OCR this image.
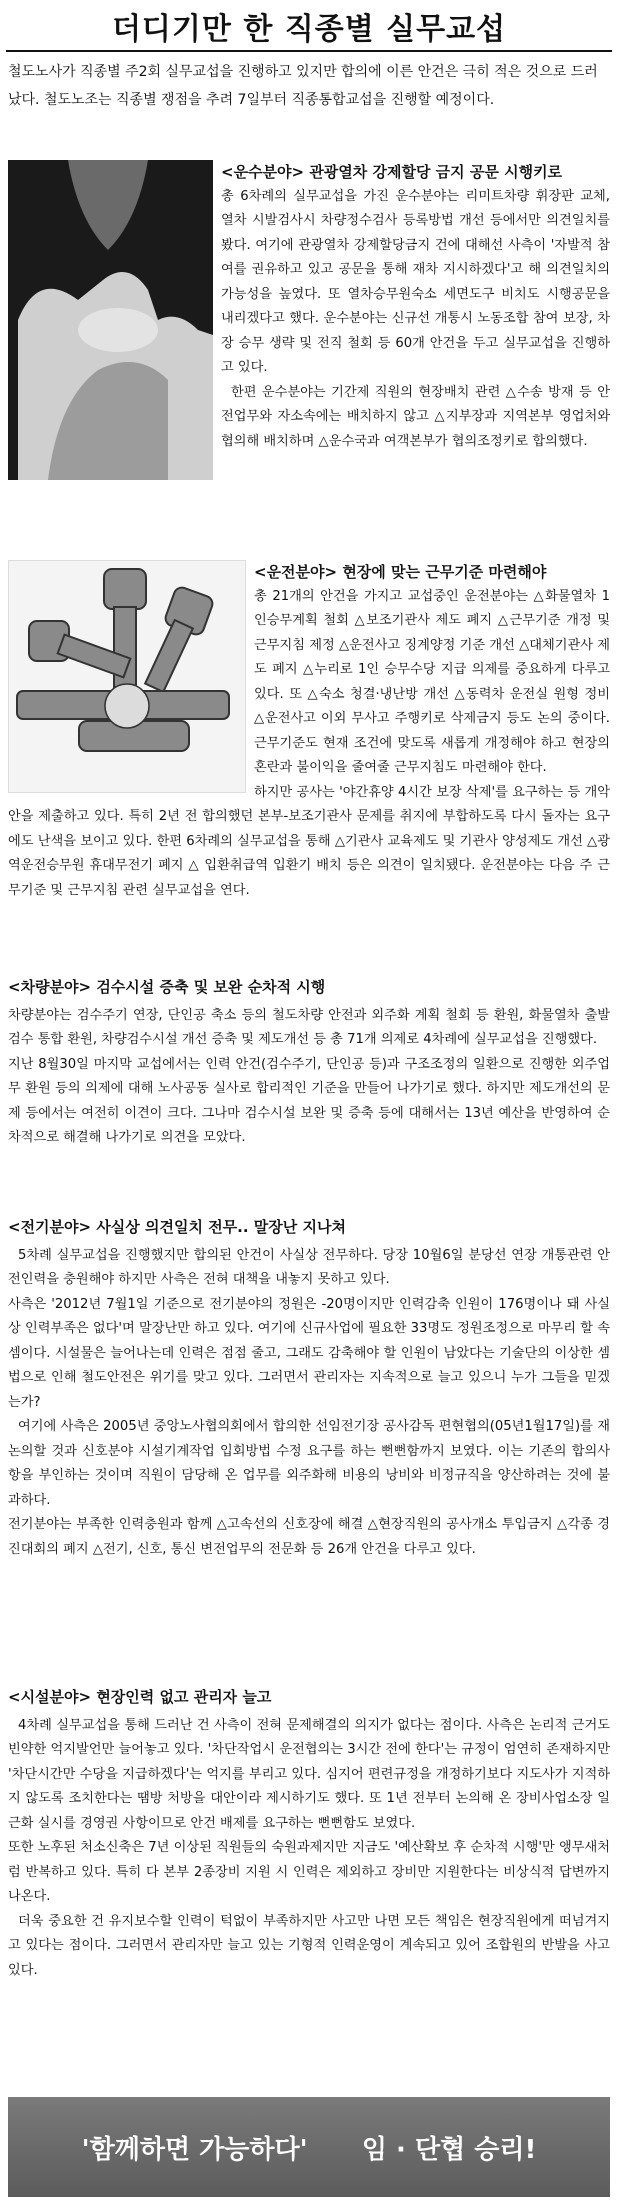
더디기만 한 직종별 실무교섭
철도노사가 직종별 주2회 실무교섭을 진행하고 있지만 합의에 이른 안건은 극히 적은 것으로 드러났다. 철도노조는 직종별 쟁점을 추려 7일부터 직종통합교섭을 진행할 예정이다.
<운수분야> 관광열차 강제할당 금지 공문 시행키로

총 6차례의 실무교섭을 가진 운수분야는 리미트차량 휘장판 교체, 열차 시발검사시 차량정수검사 등록방법 개선 등에서만 의견일치를 봤다. 여기에 관광열차 강제할당금지 건에 대해선 사측이 '자발적 참여를 권유하고 있고 공문을 통해 재차 지시하겠다'고 해 의견일치의 가능성을 높였다. 또 열차승무원숙소 세면도구 비치도 시행공문을 내리겠다고 했다. 운수분야는 신규선 개통시 노동조합 참여 보장, 차장 승무 생략 및 전직 철회 등 60개 안건을 두고 실무교섭을 진행하고 있다.

한편 운수분야는 기간제 직원의 현장배치 관련 △수송 방재 등 안전업무와 자소속에는 배치하지 않고 △지부장과 지역본부 영업처와 협의해 배치하며 △운수국과 여객본부가 협의조정키로 합의했다.

<운전분야> 현장에 맞는 근무기준 마련해야

총 21개의 안건을 가지고 교섭중인 운전분야는 △화물열차 1인승무계획 철회 △보조기관사 제도 폐지 △근무기준 개정 및 근무지침 제정 △운전사고 징계양정 기준 개선 △대체기관사 제도 폐지 △누리로 1인 승무수당 지급 의제를 중요하게 다루고 있다. 또 △숙소 청결·냉난방 개선 △동력차 운전실 원형 정비 △운전사고 이외 무사고 주행키로 삭제금지 등도 논의 중이다. 근무기준도 현재 조건에 맞도록 새롭게 개정해야 하고 현장의 혼란과 불이익을 줄여줄 근무지침도 마련해야 한다.

하지만 공사는 '야간휴양 4시간 보장 삭제'를 요구하는 등 개악안을 제출하고 있다. 특히 2년 전 합의했던 본부-보조기관사 문제를 취지에 부합하도록 다시 돌자는 요구에도 난색을 보이고 있다. 한편 6차례의 실무교섭을 통해 △기관사 교육제도 및 기관사 양성제도 개선 △광역운전승무원 휴대무전기 폐지 △ 입환취급역 입환기 배치 등은 의견이 일치됐다. 운전분야는 다음 주 근무기준 및 근무지침 관련 실무교섭을 연다.

<차량분야> 검수시설 증축 및 보완 순차적 시행

차량분야는 검수주기 연장, 단인공 축소 등의 철도차량 안전과 외주화 계획 철회 등 환원, 화물열차 출발검수 통합 환원, 차량검수시설 개선 증축 및 제도개선 등 총 71개 의제로 4차례에 실무교섭을 진행했다.

지난 8월30일 마지막 교섭에서는 인력 안건(검수주기, 단인공 등)과 구조조정의 일환으로 진행한 외주업무 환원 등의 의제에 대해 노사공동 실사로 합리적인 기준을 만들어 나가기로 했다. 하지만 제도개선의 문제 등에서는 여전히 이견이 크다. 그나마 검수시설 보완 및 증축 등에 대해서는 13년 예산을 반영하여 순차적으로 해결해 나가기로 의견을 모았다.

<전기분야> 사실상 의견일치 전무.. 말장난 지나쳐

5차례 실무교섭을 진행했지만 합의된 안건이 사실상 전무하다. 당장 10월6일 분당선 연장 개통관련 안전인력을 충원해야 하지만 사측은 전혀 대책을 내놓지 못하고 있다.

사측은 '2012년 7월1일 기준으로 전기분야의 정원은 -20명이지만 인력감축 인원이 176명이나 돼 사실상 인력부족은 없다'며 말장난만 하고 있다. 여기에 신규사업에 필요한 33명도 정원조정으로 마무리 할 속셈이다. 시설물은 늘어나는데 인력은 점점 줄고, 그래도 감축해야 할 인원이 남았다는 기술단의 이상한 셈법으로 인해 철도안전은 위기를 맞고 있다. 그러면서 관리자는 지속적으로 늘고 있으니 누가 그들을 믿겠는가?

여기에 사측은 2005년 중앙노사협의회에서 합의한 선임전기장 공사감독 편현협의(05년1월17일)를 재논의할 것과 신호분야 시설기계작업 입회방법 수정 요구를 하는 뻔뻔함까지 보였다. 이는 기존의 합의사항을 부인하는 것이며 직원이 담당해 온 업무를 외주화해 비용의 낭비와 비정규직을 양산하려는 것에 불과하다.

전기분야는 부족한 인력충원과 함께 △고속선의 신호장에 해결 △현장직원의 공사개소 투입금지 △각종 경진대회의 폐지 △전기, 신호, 통신 변전업무의 전문화 등 26개 안건을 다루고 있다.

<시설분야> 현장인력 없고 관리자 늘고

4차례 실무교섭을 통해 드러난 건 사측이 전혀 문제해결의 의지가 없다는 점이다. 사측은 논리적 근거도 빈약한 억지발언만 늘어놓고 있다. '차단작업시 운전협의는 3시간 전에 한다'는 규정이 엄연히 존재하지만 '차단시간만 수당을 지급하겠다'는 억지를 부리고 있다. 심지어 편련규정을 개정하기보다 지도사가 지적하지 않도록 조치한다는 땜방 처방을 대안이라 제시하기도 했다. 또 1년 전부터 논의해 온 장비사업소장 일근화 실시를 경영권 사항이므로 안건 배제를 요구하는 뻔뻔함도 보였다.

또한 노후된 처소신축은 7년 이상된 직원들의 숙원과제지만 지금도 '예산확보 후 순차적 시행'만 앵무새처럼 반복하고 있다. 특히 다 본부 2종장비 지원 시 인력은 제외하고 장비만 지원한다는 비상식적 답변까지 나온다.

더욱 중요한 건 유지보수할 인력이 턱없이 부족하지만 사고만 나면 모든 책임은 현장직원에게 떠넘겨지고 있다는 점이다. 그러면서 관리자만 늘고 있는 기형적 인력운영이 계속되고 있어 조합원의 반발을 사고 있다.

'함께하면 가능하다'
임 · 단협 승리!
